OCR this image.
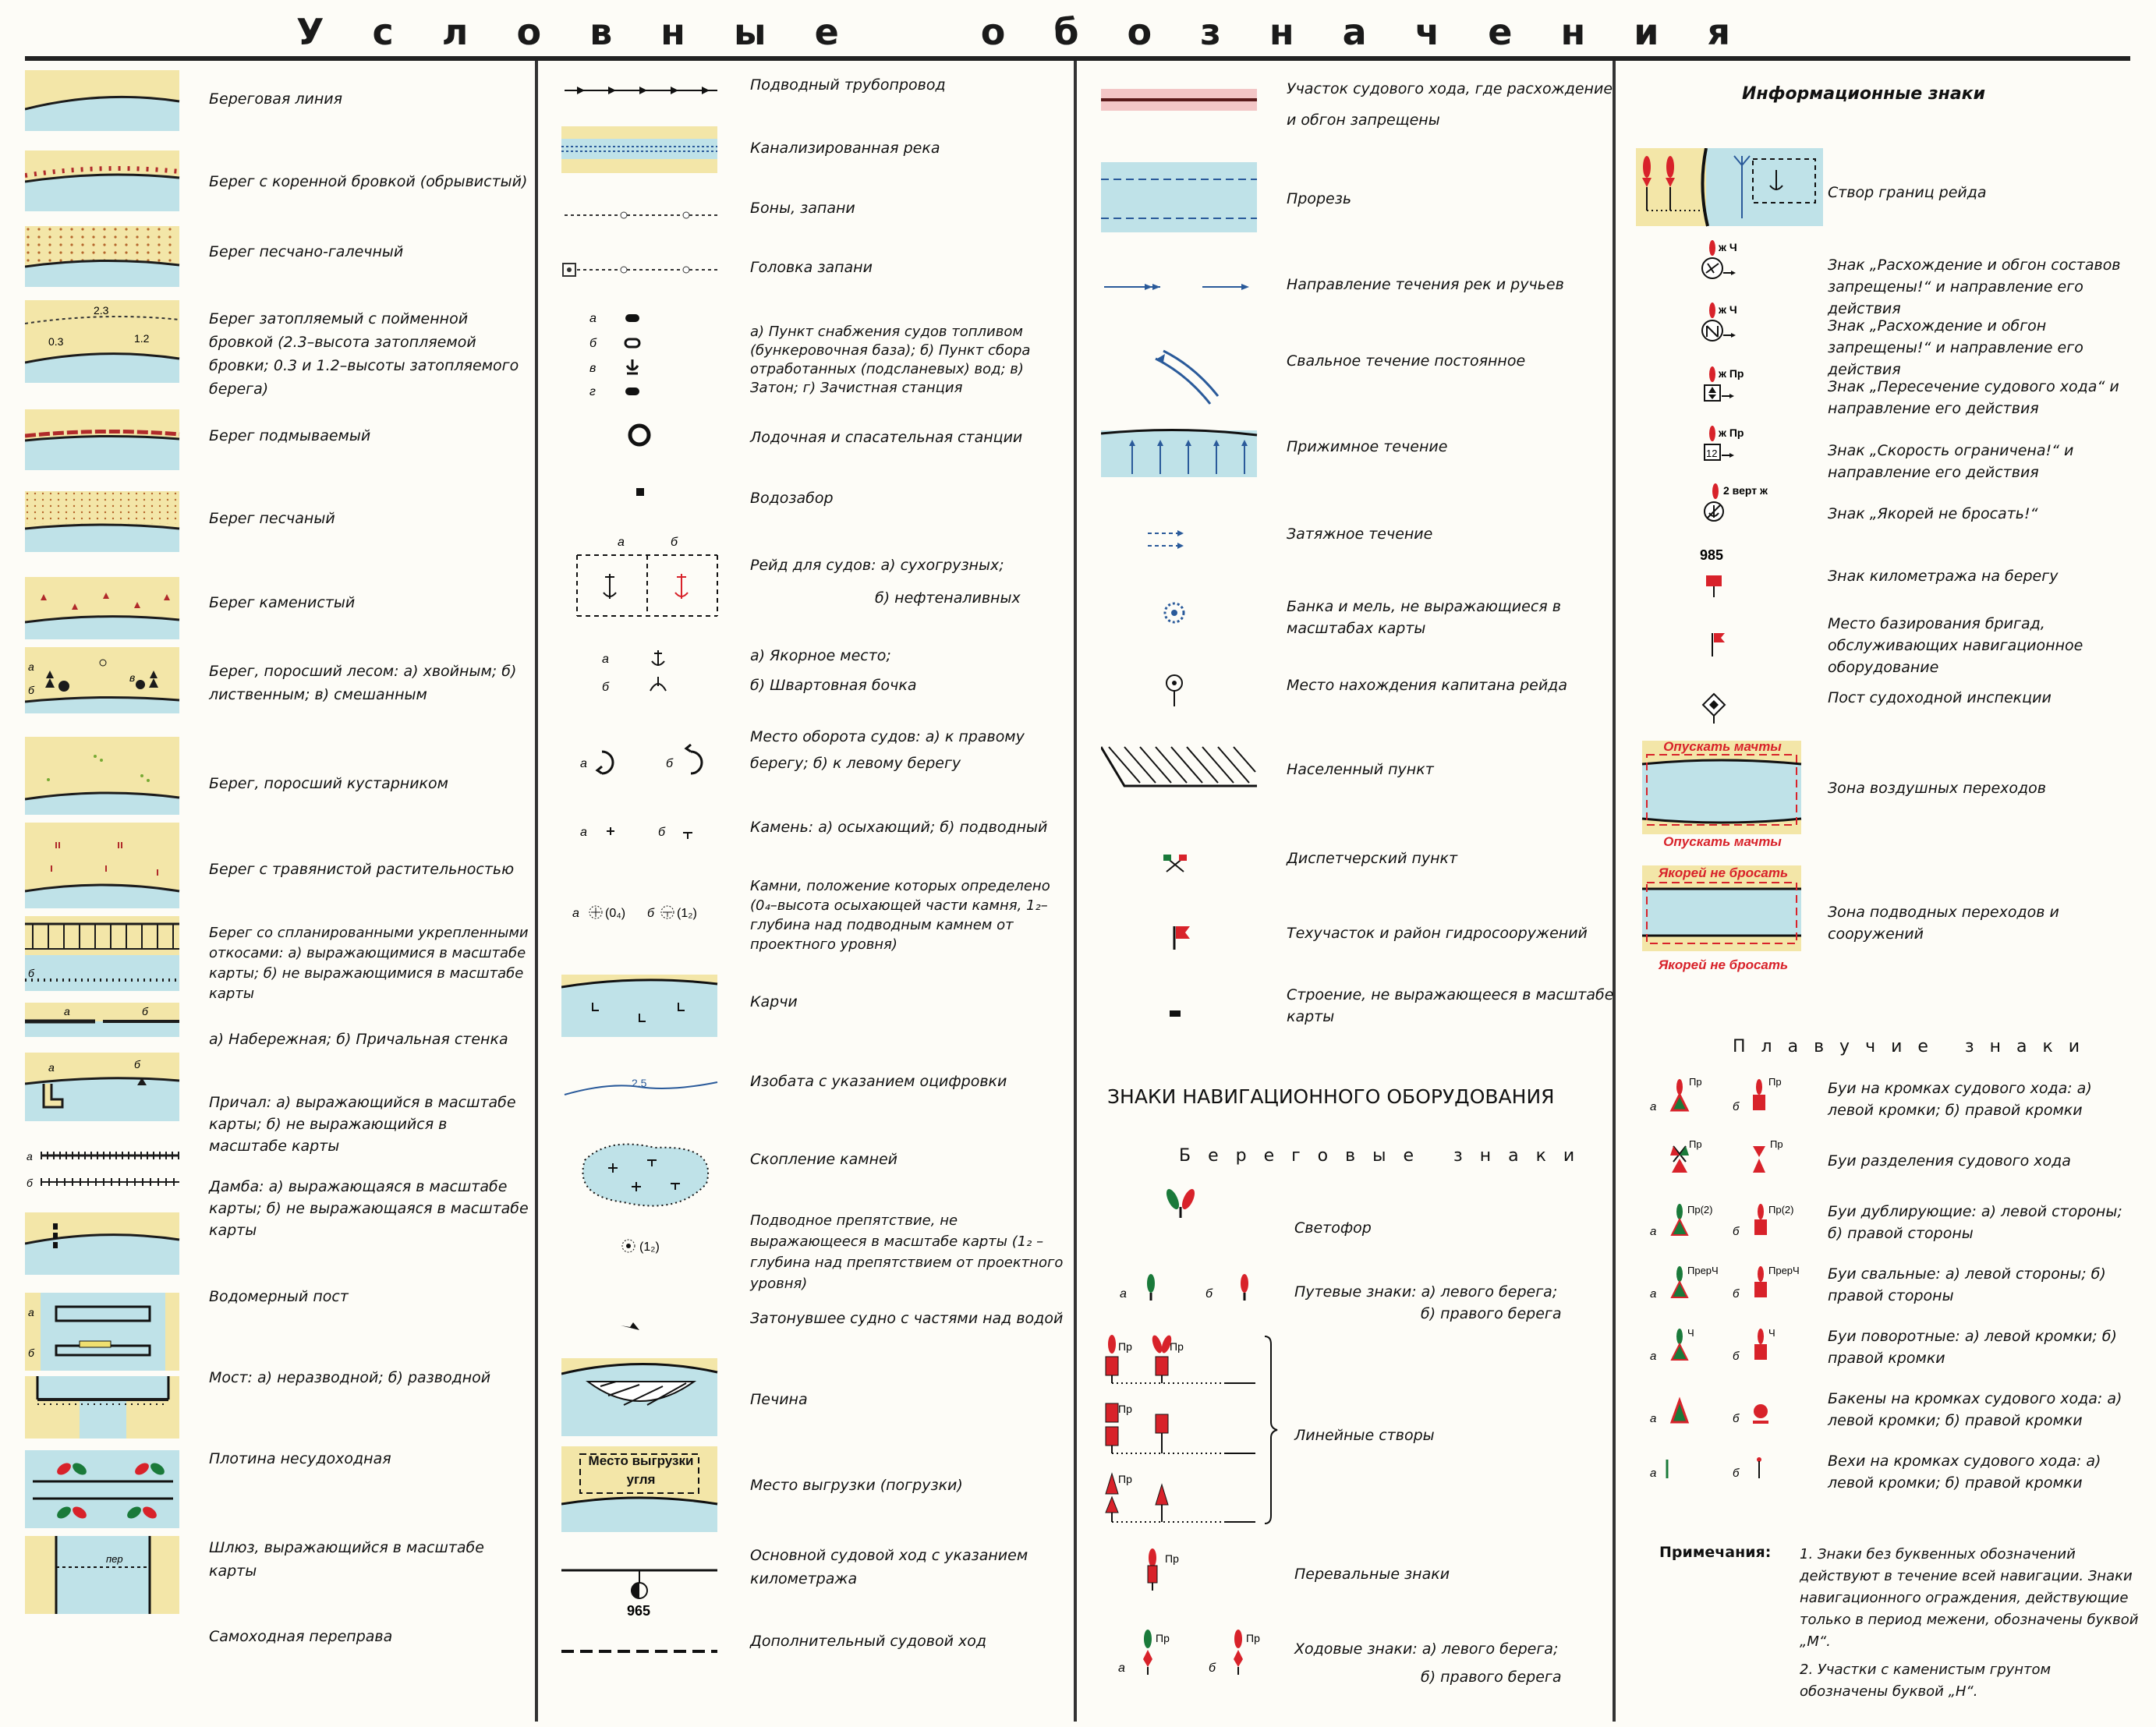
У с л о в н ы е	о б о з н а ч е н и я
2.3
0.3	1.2
а
б
в
б
а	б
а	б
а
б
а
б
пер
Береговая линия
Берег с коренной бровкой (обрывистый)
Берег песчано-галечный
Берег затопляемый с пойменной бровкой (2.3–высота затопляемой бровки; 0.3 и 1.2–высоты затопляемого берега)
Берег подмываемый
Берег песчаный
Берег каменистый
Берег, поросший лесом: а) хвойным; б) лиственным; в) смешанным
Берег, поросший кустарником
Берег с травянистой растительностью
Берег со спланированными укрепленными откосами: а) выражающимися в масштабе карты; б) не выражающимися в масштабе карты
а) Набережная; б) Причальная стенка
Причал: а) выражающийся в масштабе карты; б) не выражающийся в масштабе карты
Дамба: а) выражающаяся в масштабе карты; б) не выражающаяся в масштабе карты
Водомерный пост
Мост: а) неразводной; б) разводной
Плотина несудоходная
Шлюз, выражающийся в масштабе карты
Самоходная переправа
а
б
в
г
а	б
а
б
а	б
а	б
а	б
(0₄)	(1₂)
2.5
(1₂)
965
Место выгрузки угля
Подводный трубопровод
Канализированная река
Боны, запани
Головка запани
а) Пункт снабжения судов топливом (бункеровочная база); б) Пункт сбора отработанных (подсланевых) вод; в) Затон; г) Зачистная станция
Лодочная и спасательная станции
Водозабор
Рейд для судов: а) сухогрузных;
б) нефтеналивных
а) Якорное место;
б) Швартовная бочка
Место оборота судов: а) к правому берегу; б) к левому берегу
Камень: а) осыхающий; б) подводный
Камни, положение которых определено (0₄–высота осыхающей части камня, 1₂–глубина над подводным камнем от проектного уровня)
Карчи
Изобата с указанием оцифровки
Скопление камней
Подводное препятствие, не выражающееся в масштабе карты (1₂ – глубина над препятствием от проектного уровня)
Затонувшее судно с частями над водой
Печина
Место выгрузки (погрузки)
Основной судовой ход с указанием километража
Дополнительный судовой ход
Участок судового хода, где расхождение и обгон запрещены
Прорезь
Направление течения рек и ручьев
Свальное течение постоянное
Прижимное течение
Затяжное течение
Банка и мель, не выражающиеся в масштабах карты
Место нахождения капитана рейда
Населенный пункт
Диспетчерский пункт
Техучасток и район гидросооружений
Строение, не выражающееся в масштабе карты
ЗНАКИ НАВИГАЦИОННОГО ОБОРУДОВАНИЯ
Береговые знаки
а	б
Пр	Пр
Пр
Пр
Пр
а	б
Пр	Пр
Светофор
Путевые знаки: а) левого берега;
б) правого берега
Линейные створы
Перевальные знаки
Ходовые знаки: а) левого берега;
б) правого берега
Информационные знаки
ж Ч
ж Ч
ж Пр
12
ж Пр
2 верт ж
985
Опускать мачты
Опускать мачты
Якорей не бросать
Якорей не бросать
Створ границ рейда
Знак „Расхождение и обгон составов запрещены!“ и направление его действия
Знак „Расхождение и обгон запрещены!“ и направление его действия
Знак „Пересечение судового хода“ и направление его действия
Знак „Скорость ограничена!“ и направление его действия
Знак „Якорей не бросать!“
Знак километража на берегу
Место базирования бригад, обслуживающих навигационное оборудование
Пост судоходной инспекции
Зона воздушных переходов
Зона подводных переходов и сооружений
Плавучие знаки
а	б
Пр	Пр
Пр	Пр
а	б
Пр(2)	Пр(2)
а	б
ПрерЧ	ПрерЧ
а	б
Ч	Ч
а	б
а	б
Буи на кромках судового хода: а) левой кромки; б) правой кромки
Буи разделения судового хода
Буи дублирующие: а) левой стороны; б) правой стороны
Буи свальные: а) левой стороны; б) правой стороны
Буи поворотные: а) левой кромки; б) правой кромки
Бакены на кромках судового хода: а) левой кромки; б) правой кромки
Вехи на кромках судового хода: а) левой кромки; б) правой кромки
Примечания: 1. Знаки без буквенных обозначений действуют в течение всей навигации. Знаки навигационного ограждения, действующие только в период межени, обозначены буквой „М“.
2. Участки с каменистым грунтом обозначены буквой „Н“.
